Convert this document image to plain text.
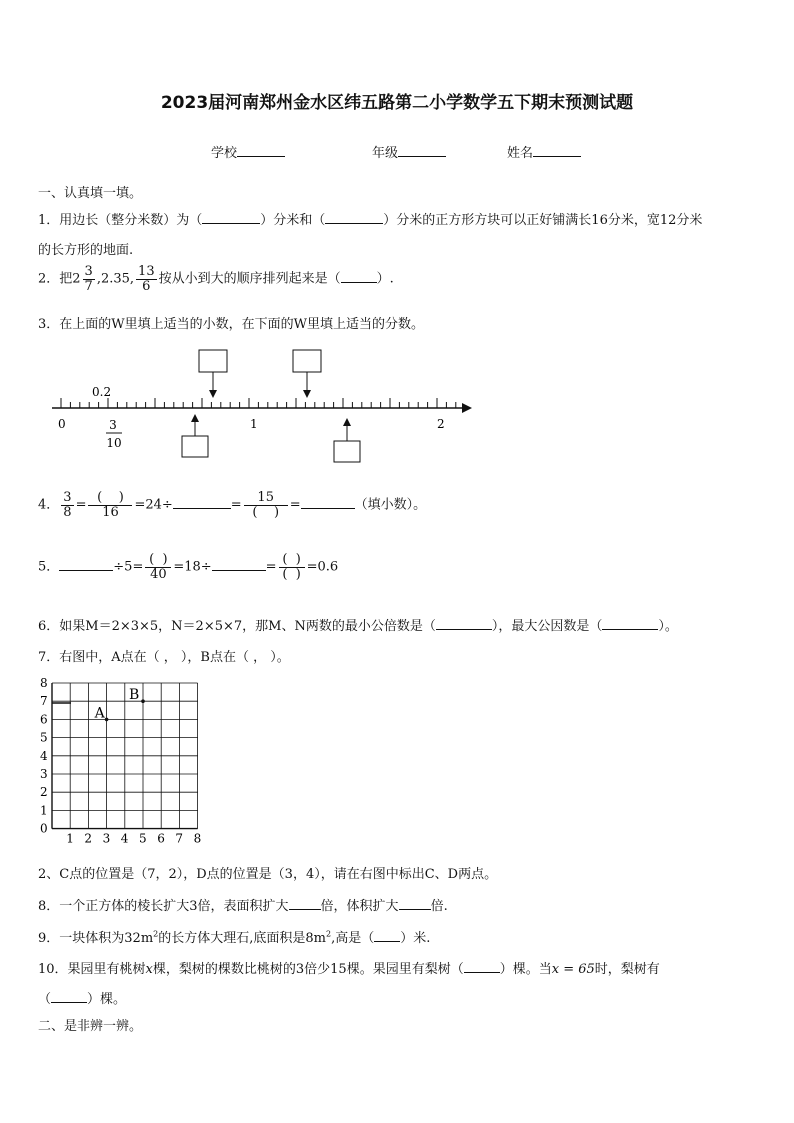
2023届河南郑州金水区纬五路第二小学数学五下期末预测试题
学校	年级	姓名
一、认真填一填。
1．用边长（整分米数）为（	）分米和（	）分米的正方形方块可以正好铺满长16分米，宽12分米
的长方形的地面.
2．把$2 \frac{3}{7} ,2.35$, $\frac{13}{6}$ 按从小到大的顺序排列起来是（	）.
3．在上面的W里填上适当的小数，在下面的W里填上适当的分数。
0.2
0	1	2
3
10
4． $\frac{3}{8} = \frac{( )}{16} =24\div$	= $\frac{15}{( )}$ =	（填小数）。
5．	$\div 5= \frac{( )}{40} =18\div$	= $\frac{( )}{( )} =0.6$
6．如果M＝2×3×5，N＝2×5×7，那M、N两数的最小公倍数是（	），最大公因数是（	）。
7．右图中，A点在（ ， ），B点在（ ， ）。
1 2 3 4 5 6 7 8
0
1
2
3
4
5
6
7
8
A
B
2、C点的位置是（7，2），D点的位置是（3，4），请在右图中标出C、D两点。
8．一个正方体的棱长扩大3倍，表面积扩大 倍，体积扩大 倍.
9．一块体积为$32m^2$的长方体大理石,底面积是$8m^2$,高是（ ）米.
10．果园里有桃树x棵，梨树的棵数比桃树的3倍少15棵。果园里有梨树（	）棵。当x = 65时，梨树有
（	）棵。
二、是非辨一辨。
